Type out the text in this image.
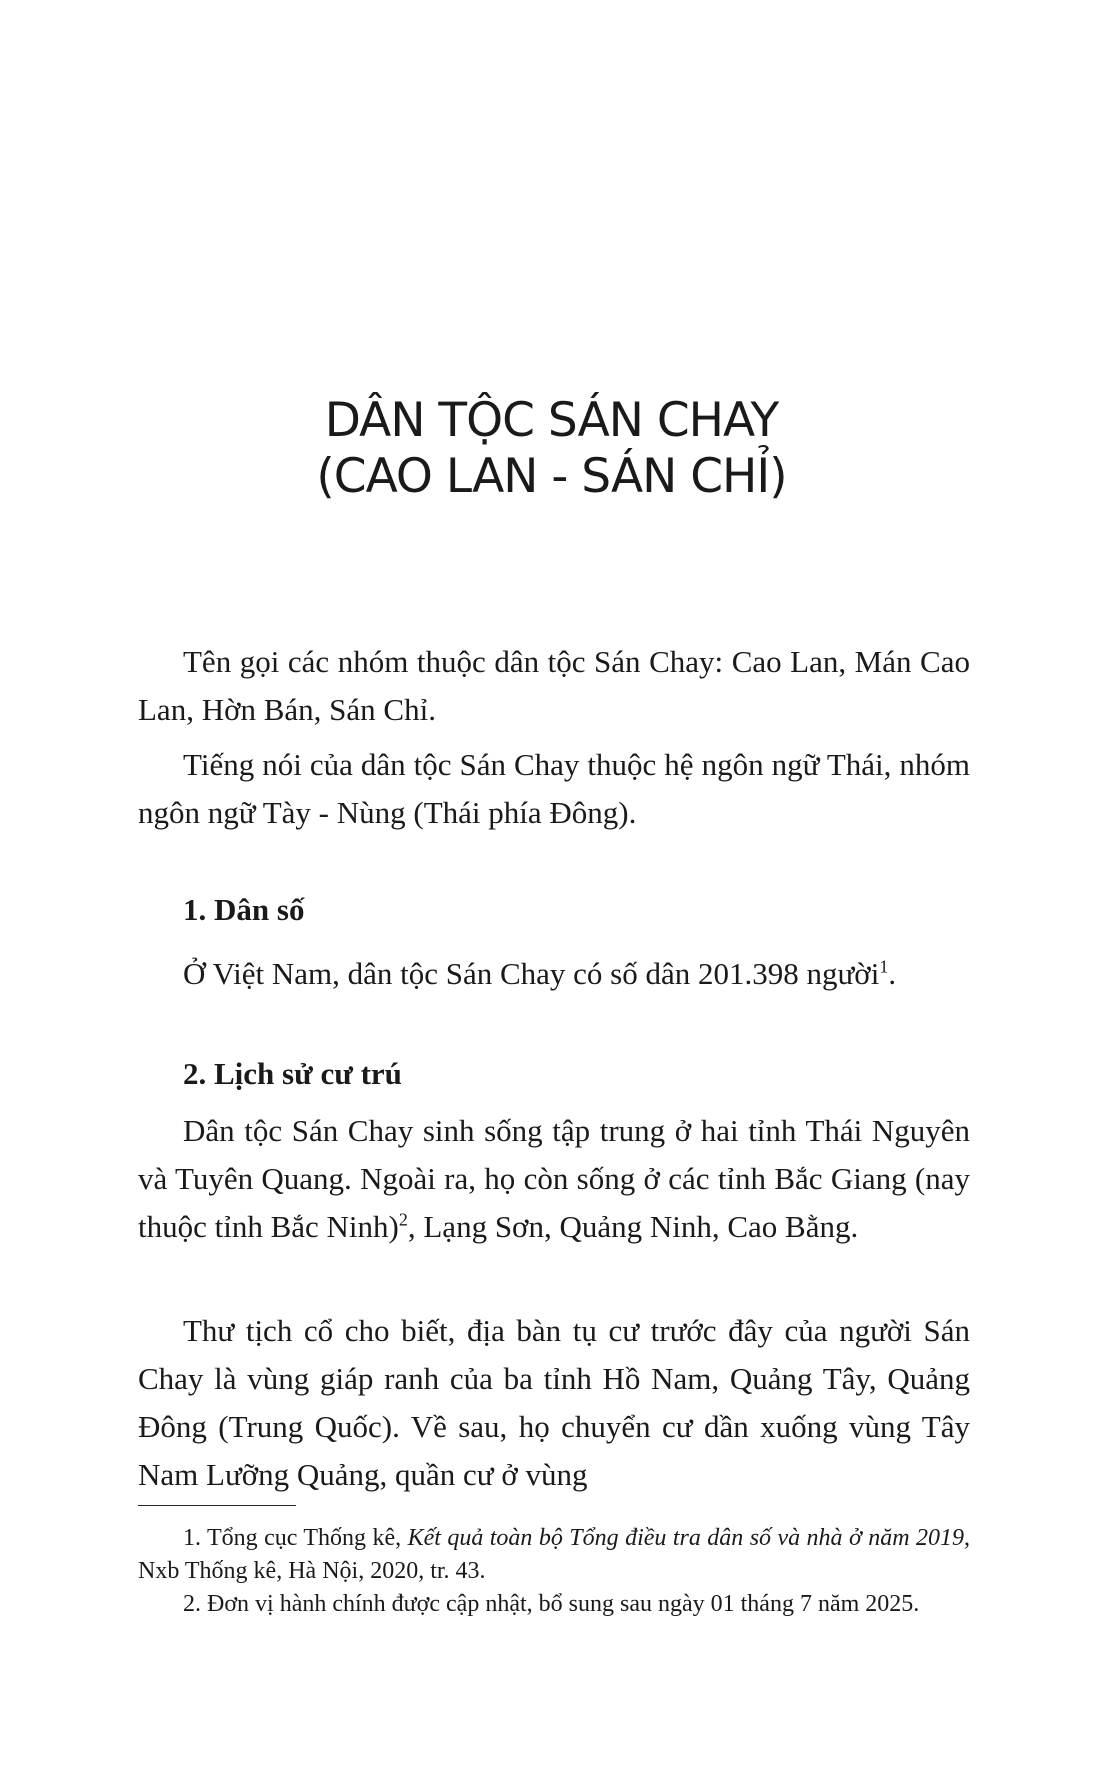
DÂN TỘC SÁN CHAY
(CAO LAN - SÁN CHỈ)

Tên gọi các nhóm thuộc dân tộc Sán Chay: Cao Lan, Mán Cao Lan, Hờn Bán, Sán Chỉ.

Tiếng nói của dân tộc Sán Chay thuộc hệ ngôn ngữ Thái, nhóm ngôn ngữ Tày - Nùng (Thái phía Đông).

1. Dân số

Ở Việt Nam, dân tộc Sán Chay có số dân 201.398 người$^1$.

2. Lịch sử cư trú

Dân tộc Sán Chay sinh sống tập trung ở hai tỉnh Thái Nguyên và Tuyên Quang. Ngoài ra, họ còn sống ở các tỉnh Bắc Giang (nay thuộc tỉnh Bắc Ninh)$^2$, Lạng Sơn, Quảng Ninh, Cao Bằng.

Thư tịch cổ cho biết, địa bàn tụ cư trước đây của người Sán Chay là vùng giáp ranh của ba tỉnh Hồ Nam, Quảng Tây, Quảng Đông (Trung Quốc). Về sau, họ chuyển cư dần xuống vùng Tây Nam Lưỡng Quảng, quần cư ở vùng

1. Tổng cục Thống kê, Kết quả toàn bộ Tổng điều tra dân số và nhà ở năm 2019, Nxb Thống kê, Hà Nội, 2020, tr. 43.

2. Đơn vị hành chính được cập nhật, bổ sung sau ngày 01 tháng 7 năm 2025.
